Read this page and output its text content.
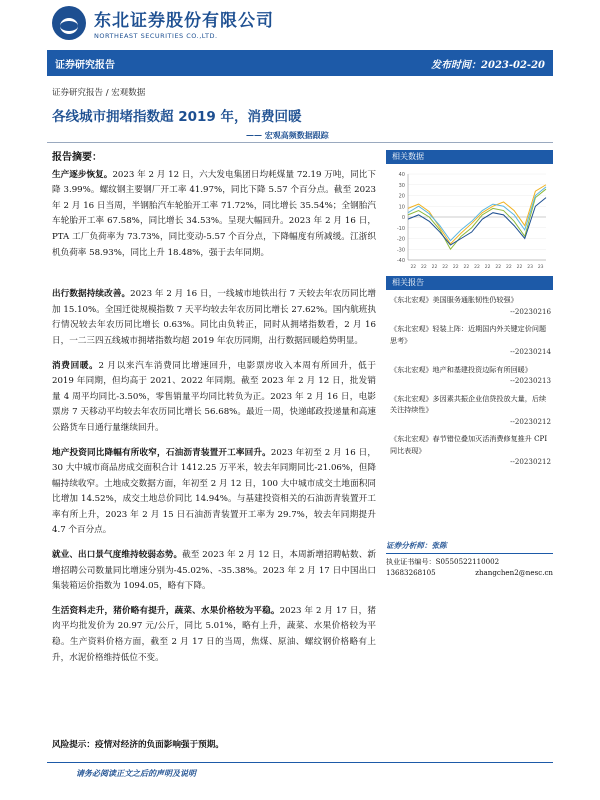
东北证券股份有限公司
NORTHEAST SECURITIES CO.,LTD.
证券研究报告	发布时间：2023-02-20
证券研究报告 / 宏观数据
各线城市拥堵指数超 2019 年，消费回暖
—— 宏观高频数据跟踪
报告摘要：
生产逐步恢复。2023 年 2 月 12 日，六大发电集团日均耗煤量 72.19 万吨，同比下降 3.99%。螺纹钢主要钢厂开工率 41.97%，同比下降 5.57 个百分点。截至 2023 年 2 月 16 日当周，半钢胎汽车轮胎开工率 71.72%，同比增长 35.54%；全钢胎汽车轮胎开工率 67.58%，同比增长 34.53%。呈现大幅回升。2023 年 2 月 16 日，PTA 工厂负荷率为 73.73%，同比变动-5.57 个百分点，下降幅度有所减缓。江浙织机负荷率 58.93%，同比上升 18.48%，强于去年同期。
出行数据持续改善。2023 年 2 月 16 日，一线城市地铁出行 7 天较去年农历同比增加 15.10%。全国迁徙规模指数 7 天平均较去年农历同比增长 27.62%。国内航班执行情况较去年农历同比增长 0.63%。同比由负转正，同时从拥堵指数看，2 月 16 日，一二三四五线城市拥堵指数均超 2019 年农历同期，出行数据回暖趋势明显。
消费回暖。2 月以来汽车消费同比增速回升，电影票房收入本周有所回升，低于 2019 年同期，但均高于 2021、2022 年同期。截至 2023 年 2 月 12 日，批发销量 4 周平均同比-3.50%，零售销量平均同比转负为正。2023 年 2 月 16 日，电影票房 7 天移动平均较去年农历同比增长 56.68%。最近一周，快递邮政投递量和高速公路货车日通行量继续回升。
地产投资同比降幅有所收窄，石油沥青装置开工率回升。2023 年初至 2 月 16 日，30 大中城市商品房成交面积合计 1412.25 万平米，较去年同期同比-21.06%，但降幅持续收窄。土地成交数据方面，年初至 2 月 12 日，100 大中城市成交土地面积同比增加 14.52%，成交土地总价同比 14.94%。与基建投资相关的石油沥青装置开工率有所上升，2023 年 2 月 15 日石油沥青装置开工率为 29.7%，较去年同期提升 4.7 个百分点。
就业、出口景气度维持较弱态势。截至 2023 年 2 月 12 日，本周新增招聘帖数、新增招聘公司数量同比增速分别为-45.02%、-35.38%。2023 年 2 月 17 日中国出口集装箱运价指数为 1094.05，略有下降。
生活资料走升，猪价略有提升，蔬菜、水果价格较为平稳。2023 年 2 月 17 日，猪肉平均批发价为 20.97 元/公斤，同比 5.01%，略有上升，蔬菜、水果价格较为平稳。生产资料价格方面，截至 2 月 17 日的当周，焦煤、原油、螺纹钢价格略有上升，水泥价格维持低位不变。
风险提示：疫情对经济的负面影响强于预期。
相关数据
40
30
20
10
0
-10
-20
-30
-40
22 22 22 22 22 22 22 22 22 22 22 23 23
相关报告
《东北宏观》美国服务通胀韧性仍较强》
--20230216
《东北宏观》轻装上阵：近期国内外关键定价问题思考》
--20230214
《东北宏观》地产和基建投资边际有所回暖》
--20230213
《东北宏观》多因素共振企业信贷投放大量，后续关注持续性》
--20230212
《东北宏观》春节错位叠加灭活消费修复推升 CPI 同比表现》
--20230212
证券分析师：张陈
执业证书编号：S0550522110002
13683268105	zhangchen2@nesc.cn
请务必阅读正文之后的声明及说明
